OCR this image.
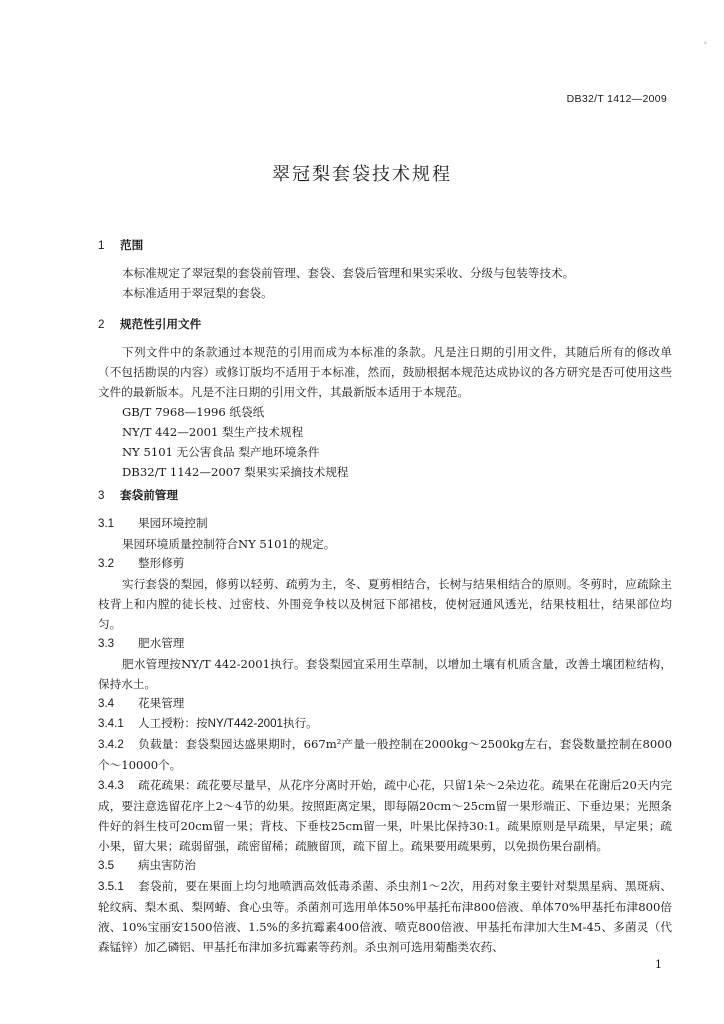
。
DB32/T 1412—2009
翠冠梨套袋技术规程
1 范围

本标准规定了翠冠梨的套袋前管理、套袋、套袋后管理和果实采收、分级与包装等技术。

本标准适用于翠冠梨的套袋。

2 规范性引用文件

下列文件中的条款通过本规范的引用而成为本标准的条款。凡是注日期的引用文件，其随后所有的修改单（不包括勘误的内容）或修订版均不适用于本标准，然而，鼓励根据本规范达成协议的各方研究是否可使用这些文件的最新版本。凡是不注日期的引用文件，其最新版本适用于本规范。

GB/T 7968—1996 纸袋纸
NY/T 442—2001 梨生产技术规程
NY 5101 无公害食品 梨产地环境条件
DB32/T 1142—2007 梨果实采摘技术规程
3 套袋前管理
3.1 果园环境控制

果园环境质量控制符合NY 5101的规定。

3.2 整形修剪

实行套袋的梨园，修剪以轻剪、疏剪为主，冬、夏剪相结合，长树与结果相结合的原则。冬剪时，应疏除主枝背上和内膛的徒长枝、过密枝、外围竞争枝以及树冠下部裙枝，使树冠通风透光，结果枝粗壮，结果部位均匀。

3.3 肥水管理

肥水管理按NY/T 442-2001执行。套袋梨园宜采用生草制，以增加土壤有机质含量，改善土壤团粒结构，保持水土。

3.4 花果管理

3.4.1 人工授粉：按NY/T442-2001执行。

3.4.2 负载量：套袋梨园达盛果期时，667m²产量一般控制在2000kg～2500kg左右，套袋数量控制在8000个～10000个。

3.4.3 疏花疏果：疏花要尽量早，从花序分离时开始，疏中心花，只留1朵～2朵边花。疏果在花谢后20天内完成，要注意选留花序上2～4节的幼果。按照距离定果，即每隔20cm～25cm留一果形端正、下垂边果；光照条件好的斜生枝可20cm留一果；背枝、下垂枝25cm留一果，叶果比保持30:1。疏果原则是早疏果，早定果；疏小果，留大果；疏弱留强，疏密留稀；疏腋留顶，疏下留上。疏果要用疏果剪，以免损伤果台副梢。

3.5 病虫害防治

3.5.1 套袋前，要在果面上均匀地喷洒高效低毒杀菌、杀虫剂1～2次，用药对象主要针对梨黑星病、黑斑病、轮纹病、梨木虱、梨网蝽、食心虫等。杀菌剂可选用单体50%甲基托布津800倍液、单体70%甲基托布津800倍液、10%宝丽安1500倍液、1.5%的多抗霉素400倍液、喷克800倍液、甲基托布津加大生M-45、多菌灵（代森锰锌）加乙磷铝、甲基托布津加多抗霉素等药剂。杀虫剂可选用菊酯类农药、

1
